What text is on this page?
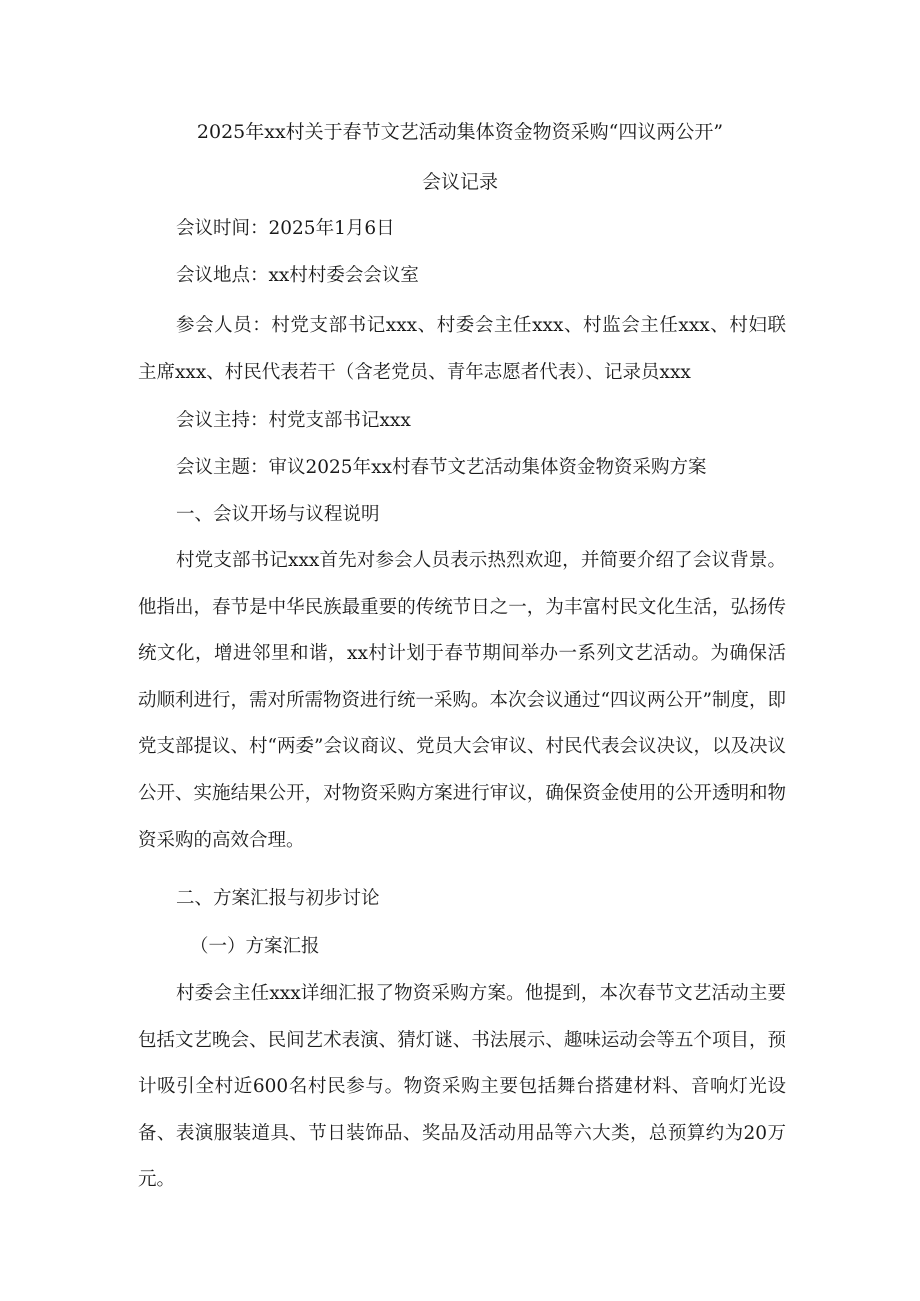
2025年xx村关于春节文艺活动集体资金物资采购“四议两公开”
会议记录

会议时间：2025年1月6日

会议地点：xx村村委会会议室

参会人员：村党支部书记xxx、村委会主任xxx、村监会主任xxx、村妇联主席xxx、村民代表若干（含老党员、青年志愿者代表）、记录员xxx

会议主持：村党支部书记xxx

会议主题：审议2025年xx村春节文艺活动集体资金物资采购方案

一、会议开场与议程说明

村党支部书记xxx首先对参会人员表示热烈欢迎，并简要介绍了会议背景。他指出，春节是中华民族最重要的传统节日之一，为丰富村民文化生活，弘扬传统文化，增进邻里和谐，xx村计划于春节期间举办一系列文艺活动。为确保活动顺利进行，需对所需物资进行统一采购。本次会议通过“四议两公开”制度，即党支部提议、村“两委”会议商议、党员大会审议、村民代表会议决议，以及决议公开、实施结果公开，对物资采购方案进行审议，确保资金使用的公开透明和物资采购的高效合理。

二、方案汇报与初步讨论

（一）方案汇报

村委会主任xxx详细汇报了物资采购方案。他提到，本次春节文艺活动主要包括文艺晚会、民间艺术表演、猜灯谜、书法展示、趣味运动会等五个项目，预计吸引全村近600名村民参与。物资采购主要包括舞台搭建材料、音响灯光设备、表演服装道具、节日装饰品、奖品及活动用品等六大类，总预算约为20万元。
